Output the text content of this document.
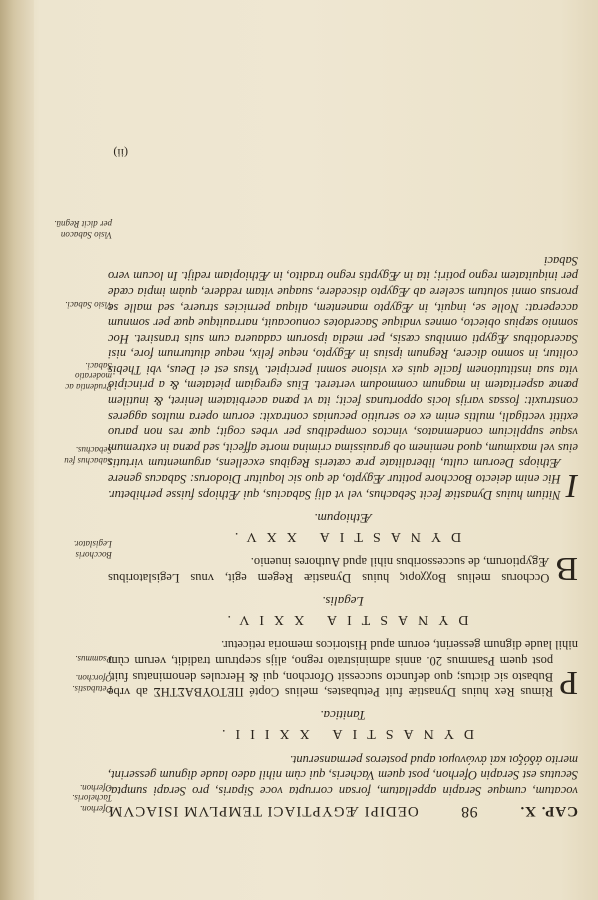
CAP. X.
98
OEDIPI ÆGYPTIACI TEMPLVM ISIACVM

vocatum, cumque Serapin appellatum, forsan corrupta voce Siparis, pro Serapi sumpta. Secutus est Serapin Oferhon, post quem Vacheris, qui cùm nihil adeo laude dignum gesserint, merito ἀδόξοι καὶ ἀνώνυμοι apud posteros permanserunt.

DYNASTIA XXIII.
Tanitica.

P
Rimus Rex huius Dynastiæ fuit Petubastes, melius Copté ΠΕΤΟΥΒΑΣΤΗΣ ab vrbe Bubasto sic dictus; quo defuncto successit Oforchon, qui & Hercules denominatus fuit, post quem Psammus 20. annis administrato regno, alijs sceptrum tradidit, verum cùm nihil laude dignum gesserint, eorum apud Historicos memoria reticetur.

DYNASTIA XXIV.
Legalis.

B
Occhorus melius Βοχχορις huius Dynastiæ Regem egit, vnus Legislatoribus Ægyptiorum, de successoribus nihil apud Authores inuenio.

DYNASTIA XXV.
Æthiopum.

I
Nitium huius Dynastiæ fecit Sebachus, vel vt alij Sabacius, qui Æthiops fuisse perhibetur. Hic enim deiecto Bocchore potitur Ægypto, de quo sic loquitur Diodorus: Sabacus genere Æthiops Deorum cultu, liberalitate præ cæteris Regibus excellens, argumentum virtutis eius vel maximum, quod neminem ob grauissima crimina morte affecit, sed pœna in extremum vsque supplicium condemnatos, vinctos compedibus per vrbes cogit; quæ res non paruo extitit vectigali, multis enim ex eo seruitio pecunias contraxit: eorum opera multos aggeres construxit: fossas varijs locis opportunas fecit; ita vt pœna acerbitatem leniret, & inutilem pœnæ asperitatem in magnum commodum verteret. Eius egregiam pietatem, & a principio vita sua institutionem facile quis ex visione somni percipiet. Visus est ei Deus, vbi Thebis colitur, in somno dicere, Regnum ipsius in Ægypto, neque felix, neque diuturnum fore, nisi Sacerdotibus Ægypti omnibus cæsis, per media ipsorum cadauera cum suis transiret. Hoc somnio sæpius obiecto, omnes vndique Sacerdotes conuocauit, narrauitque quæ per somnum acceperat: Nolle se, inquit, in Ægypto manentem, aliqua pernicies struere, sed malle se prorsus omni solutum scelere ab Ægypto discedere, suaque vitam reddere, quàm impia cæde per iniquitatem regno potiri; ita in Ægyptis regno tradito, in Æthiopiam redijt. In locum vero Sabaci

Oferhon. Tacheloris. Oferhon.
Petubastis. Oforchon.
Psammus.
Bocchoris Legislator.
Sabachus feu Sebachus.
Prudentia ac moderatio Sabaci.
Visio Sabaci.
Visio Sabacon per dicit Regnū.
(ii)
